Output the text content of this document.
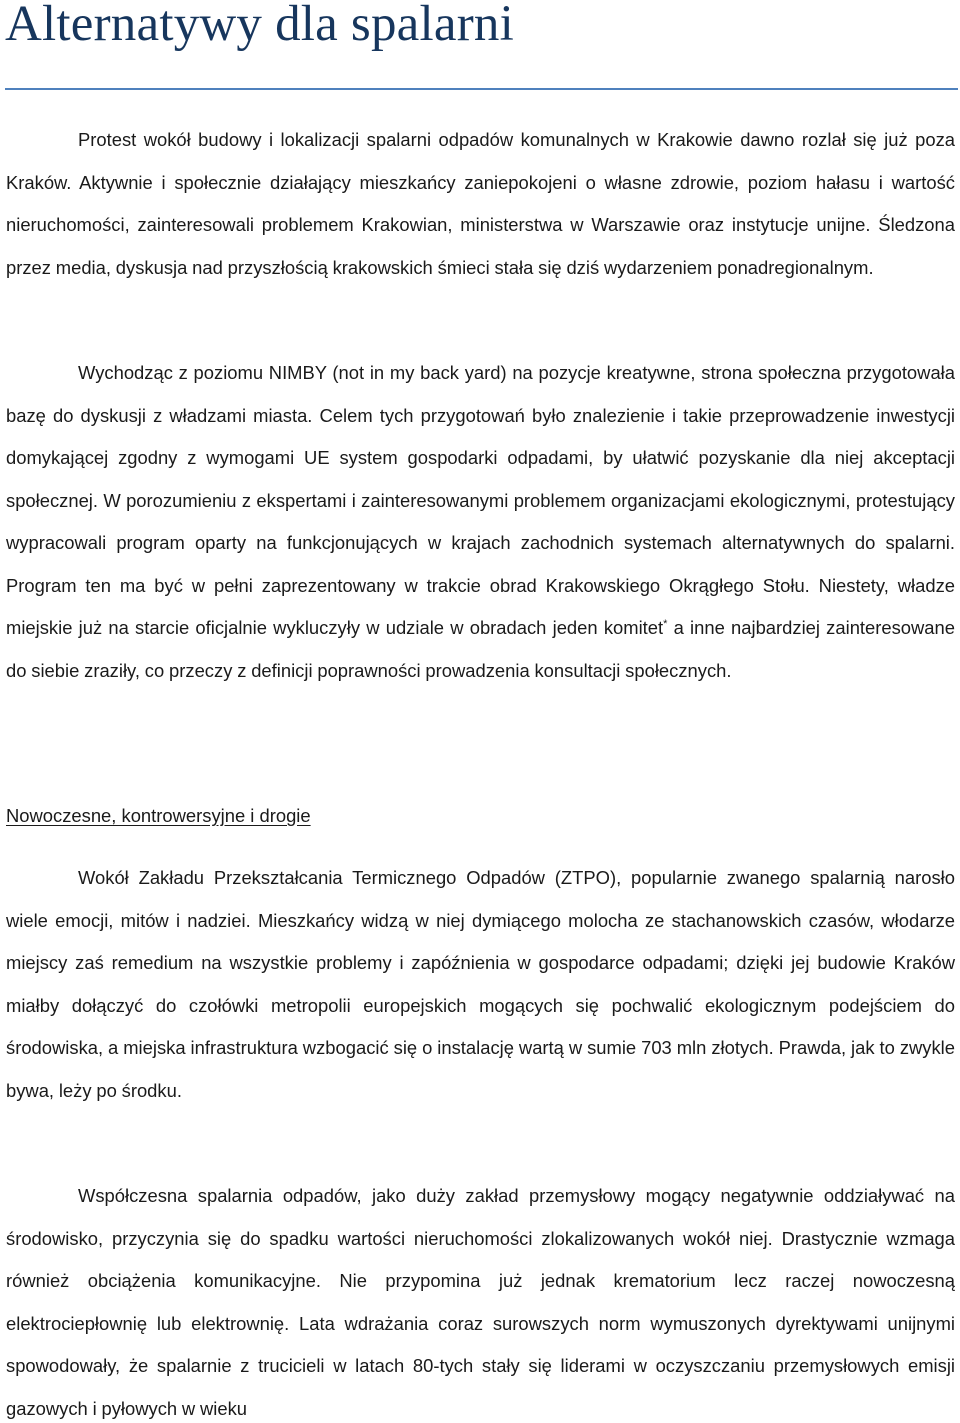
Alternatywy dla spalarni

Protest wokół budowy i lokalizacji spalarni odpadów komunalnych w Krakowie dawno rozlał się już poza Kraków. Aktywnie i społecznie działający mieszkańcy zaniepokojeni o własne zdrowie, poziom hałasu i wartość nieruchomości, zainteresowali problemem Krakowian, ministerstwa w Warszawie oraz instytucje unijne. Śledzona przez media, dyskusja nad przyszłością krakowskich śmieci stała się dziś wydarzeniem ponadregionalnym.

Wychodząc z poziomu NIMBY (not in my back yard) na pozycje kreatywne, strona społeczna przygotowała bazę do dyskusji z władzami miasta. Celem tych przygotowań było znalezienie i takie przeprowadzenie inwestycji domykającej zgodny z wymogami UE system gospodarki odpadami, by ułatwić pozyskanie dla niej akceptacji społecznej. W porozumieniu z ekspertami i zainteresowanymi problemem organizacjami ekologicznymi, protestujący wypracowali program oparty na funkcjonujących w krajach zachodnich systemach alternatywnych do spalarni. Program ten ma być w pełni zaprezentowany w trakcie obrad Krakowskiego Okrągłego Stołu. Niestety, władze miejskie już na starcie oficjalnie wykluczyły w udziale w obradach jeden komitet* a inne najbardziej zainteresowane do siebie zraziły, co przeczy z definicji poprawności prowadzenia konsultacji społecznych.

Nowoczesne, kontrowersyjne i drogie

Wokół Zakładu Przekształcania Termicznego Odpadów (ZTPO), popularnie zwanego spalarnią narosło wiele emocji, mitów i nadziei. Mieszkańcy widzą w niej dymiącego molocha ze stachanowskich czasów, włodarze miejscy zaś remedium na wszystkie problemy i zapóźnienia w gospodarce odpadami; dzięki jej budowie Kraków miałby dołączyć do czołówki metropolii europejskich mogących się pochwalić ekologicznym podejściem do środowiska, a miejska infrastruktura wzbogacić się o instalację wartą w sumie 703 mln złotych. Prawda, jak to zwykle bywa, leży po środku.

Współczesna spalarnia odpadów, jako duży zakład przemysłowy mogący negatywnie oddziaływać na środowisko, przyczynia się do spadku wartości nieruchomości zlokalizowanych wokół niej. Drastycznie wzmaga również obciążenia komunikacyjne. Nie przypomina już jednak krematorium lecz raczej nowoczesną elektrociepłownię lub elektrownię. Lata wdrażania coraz surowszych norm wymuszonych dyrektywami unijnymi spowodowały, że spalarnie z trucicieli w latach 80-tych stały się liderami w oczyszczaniu przemysłowych emisji gazowych i pyłowych w wieku
